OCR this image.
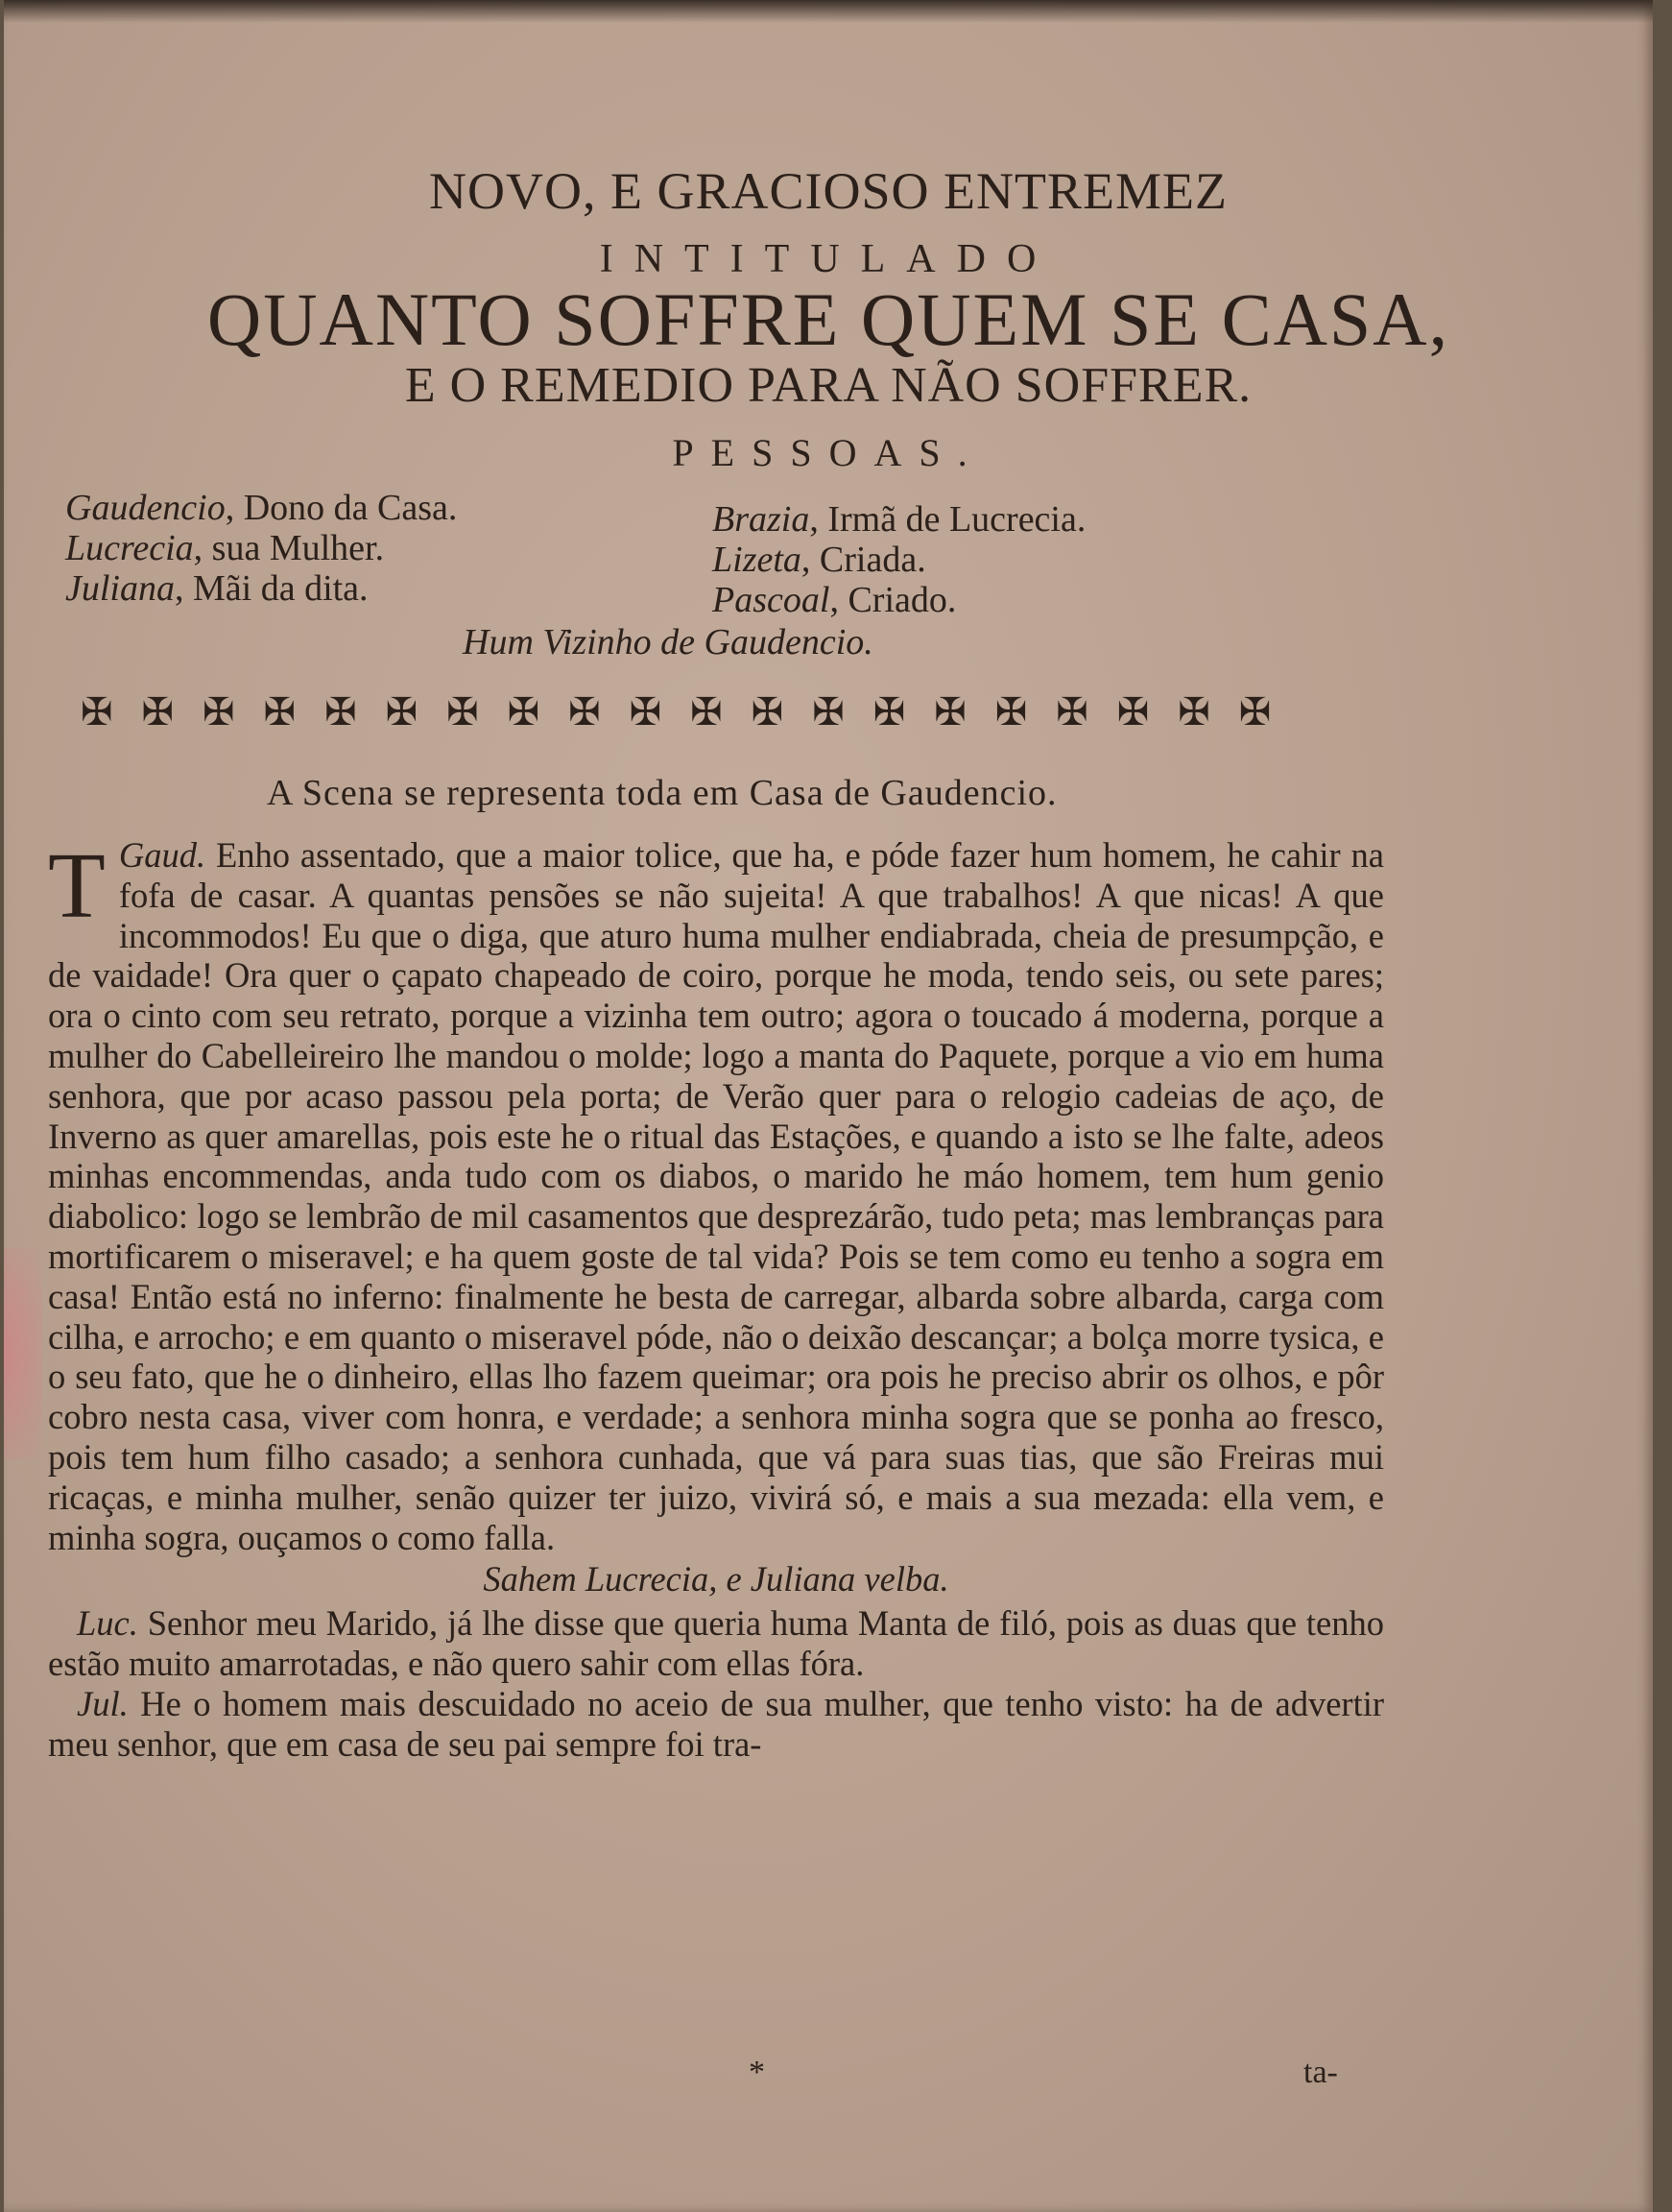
NOVO, E GRACIOSO ENTREMEZ
INTITULADO
QUANTO SOFFRE QUEM SE CASA,
E O REMEDIO PARA NÃO SOFFRER.
PESSOAS.
Gaudencio, Dono da Casa.
Lucrecia, sua Mulher.
Juliana, Mãi da dita.
Brazia, Irmã de Lucrecia.
Lizeta, Criada.
Pascoal, Criado.
Hum Vizinho de Gaudencio.
✠ ✠ ✠ ✠ ✠ ✠ ✠ ✠ ✠ ✠ ✠ ✠ ✠ ✠ ✠ ✠ ✠ ✠ ✠ ✠
A Scena se representa toda em Casa de Gaudencio.

Gaud.
T	Enho assentado, que a maior tolice, que ha, e póde fazer hum homem, he cahir na fofa de casar. A quantas pensões se não sujeita! A que trabalhos! A que nicas! A que incommodos! Eu que o diga, que aturo huma mulher endiabrada, cheia de presumpção, e de vaidade! Ora quer o çapato chapeado de coiro, porque he moda, tendo seis, ou sete pares; ora o cinto com seu retrato, porque a vizinha tem outro; agora o toucado á moderna, porque a mulher do Cabelleireiro lhe mandou o molde; logo a manta do Paquete, porque a vio em huma senhora, que por acaso passou pela porta; de Verão quer para o relogio cadeias de aço, de Inverno as quer amarellas, pois este he o ritual das Estações, e quando a isto se lhe falte, adeos minhas encommendas, anda tudo com os diabos, o marido he máo homem, tem hum genio diabolico: logo se lembrão de mil casamentos que desprezárão, tudo peta; mas lembranças para mortificarem o miseravel; e ha quem goste de tal vida? Pois se tem como eu tenho a sogra em casa! Então está no inferno: finalmente he besta de carregar, albarda sobre albarda, carga com cilha, e arrocho; e em quanto o miseravel póde, não o deixão descançar; a bolça morre tysica, e o seu fato, que he o dinheiro, ellas lho fazem queimar; ora pois he preciso abrir os olhos, e pôr cobro nesta casa, viver com honra, e verdade; a senhora minha sogra que se ponha ao fresco, pois tem hum filho casado; a senhora cunhada, que vá para suas tias, que são Freiras mui ricaças, e minha mulher, senão quizer ter juizo, vivirá só, e mais a sua mezada: ella vem, e minha sogra, ouçamos o como falla.

Sahem Lucrecia, e Juliana velba.

Luc. Senhor meu Marido, já lhe disse que queria huma Manta de filó, pois as duas que tenho estão muito amarrotadas, e não quero sahir com ellas fóra.

Jul. He o homem mais descuidado no aceio de sua mulher, que tenho visto: ha de advertir meu senhor, que em casa de seu pai sempre foi tra-

*	ta-
